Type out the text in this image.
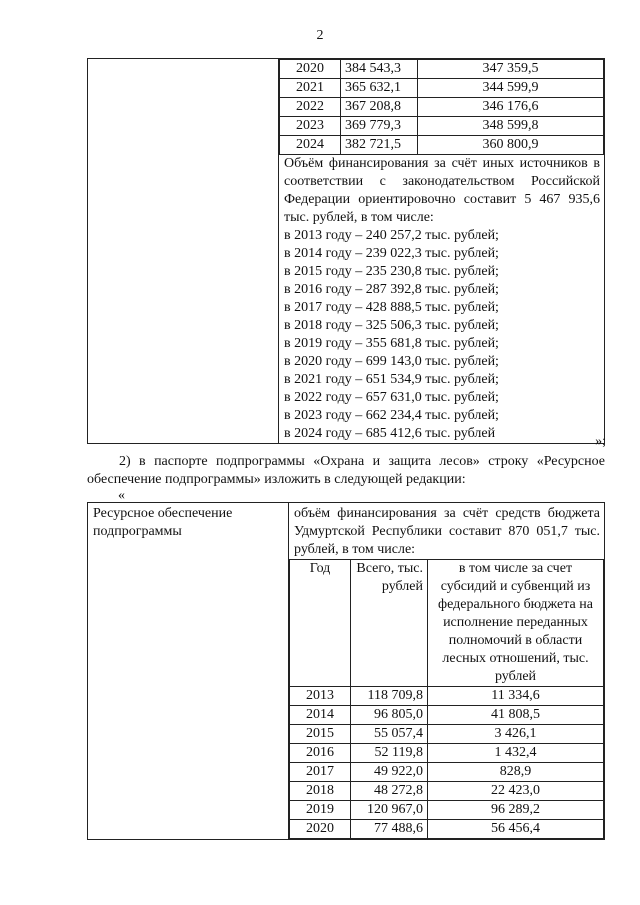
2

2020	384 543,3	347 359,5
2021	365 632,1	344 599,9
2022	367 208,8	346 176,6
2023	369 779,3	348 599,8
2024	382 721,5	360 800,9

Объём финансирования за счёт иных источников в соответствии с законодательством Российской Федерации ориентировочно составит 5 467 935,6 тыс. рублей, в том числе:

в 2013 году – 240 257,2 тыс. рублей;
в 2014 году – 239 022,3 тыс. рублей;
в 2015 году – 235 230,8 тыс. рублей;
в 2016 году – 287 392,8 тыс. рублей;
в 2017 году – 428 888,5 тыс. рублей;
в 2018 году – 325 506,3 тыс. рублей;
в 2019 году – 355 681,8 тыс. рублей;
в 2020 году – 699 143,0 тыс. рублей;
в 2021 году – 651 534,9 тыс. рублей;
в 2022 году – 657 631,0 тыс. рублей;
в 2023 году – 662 234,4 тыс. рублей;
в 2024 году – 685 412,6 тыс. рублей
»;
2) в паспорте подпрограммы «Охрана и защита лесов» строку «Ресурсное обеспечение подпрограммы» изложить в следующей редакции:
«
Ресурсное обеспечение подпрограммы	
объём финансирования за счёт средств бюджета Удмуртской Республики составит 870 051,7 тыс. рублей, в том числе:
Год	Всего, тыс. рублей	в том числе за счет субсидий и субвенций из федерального бюджета на исполнение переданных полномочий в области лесных отношений, тыс. рублей
2013	118 709,8	11 334,6
2014	96 805,0	41 808,5
2015	55 057,4	3 426,1
2016	52 119,8	1 432,4
2017	49 922,0	828,9
2018	48 272,8	22 423,0
2019	120 967,0	96 289,2
2020	77 488,6	56 456,4
